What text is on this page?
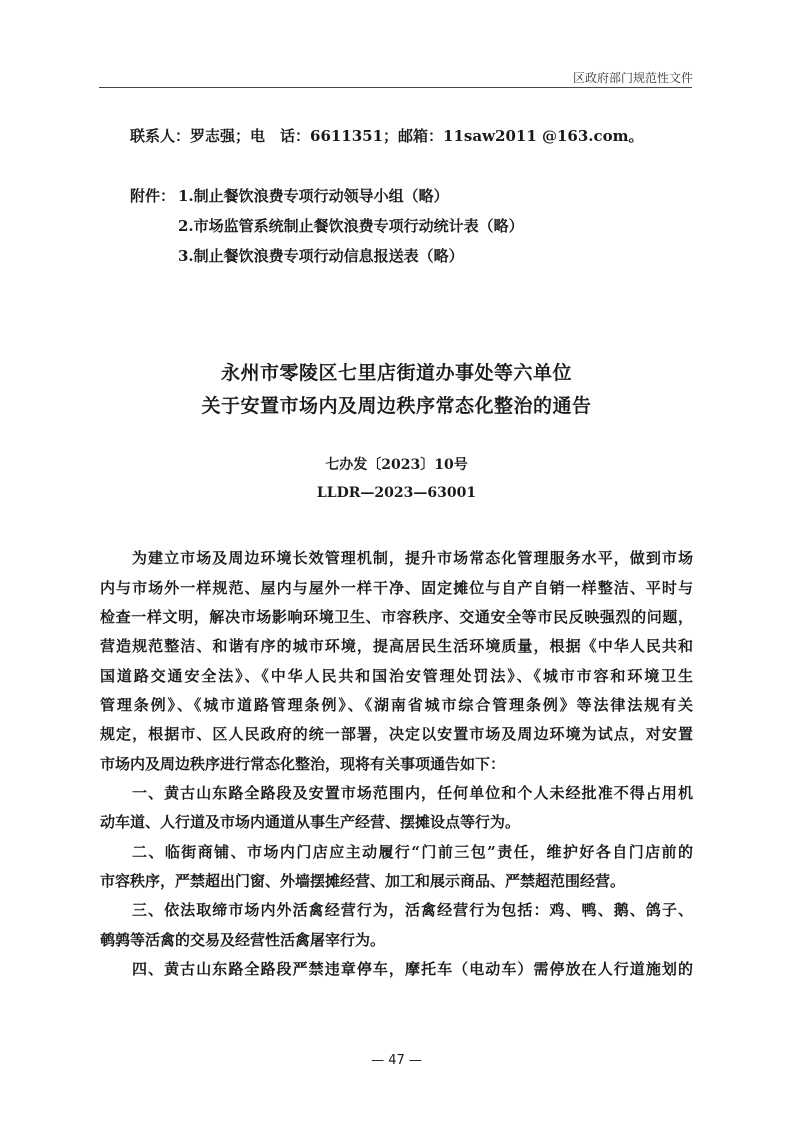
区政府部门规范性文件
联系人：罗志强；电　话：6611351；邮箱：11saw2011 @163.com。
附件： 1.制止餐饮浪费专项行动领导小组（略）
2.市场监管系统制止餐饮浪费专项行动统计表（略）
3.制止餐饮浪费专项行动信息报送表（略）
永州市零陵区七里店街道办事处等六单位
关于安置市场内及周边秩序常态化整治的通告
七办发〔2023〕10号
LLDR—2023—63001
为建立市场及周边环境长效管理机制，提升市场常态化管理服务水平，做到市场
内与市场外一样规范、屋内与屋外一样干净、固定摊位与自产自销一样整洁、平时与
检查一样文明，解决市场影响环境卫生、市容秩序、交通安全等市民反映强烈的问题，
营造规范整洁、和谐有序的城市环境，提高居民生活环境质量，根据《中华人民共和
国道路交通安全法》、《中华人民共和国治安管理处罚法》、《城市市容和环境卫生
管理条例》、《城市道路管理条例》、《湖南省城市综合管理条例》等法律法规有关
规定，根据市、区人民政府的统一部署，决定以安置市场及周边环境为试点，对安置
市场内及周边秩序进行常态化整治，现将有关事项通告如下：
一、黄古山东路全路段及安置市场范围内，任何单位和个人未经批准不得占用机
动车道、人行道及市场内通道从事生产经营、摆摊设点等行为。
二、临街商铺、市场内门店应主动履行“门前三包”责任，维护好各自门店前的
市容秩序，严禁超出门窗、外墙摆摊经营、加工和展示商品、严禁超范围经营。
三、依法取缔市场内外活禽经营行为，活禽经营行为包括：鸡、鸭、鹅、鸽子、
鹌鹑等活禽的交易及经营性活禽屠宰行为。
四、黄古山东路全路段严禁违章停车，摩托车（电动车）需停放在人行道施划的
— 47 —
